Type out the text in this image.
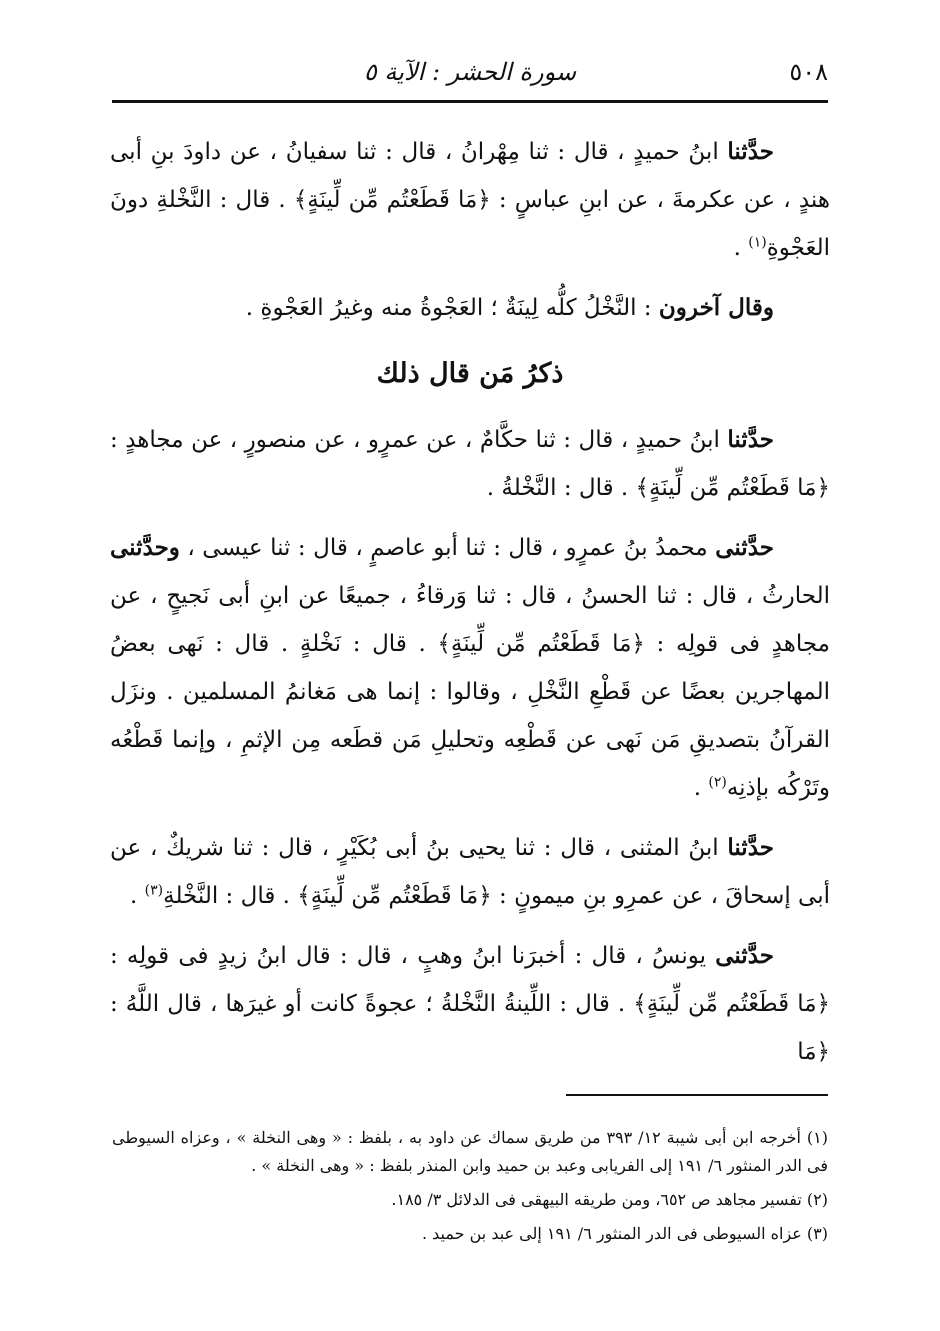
٥٠٨
سورة الحشر : الآية ٥

حدَّثنا ابنُ حميدٍ ، قال : ثنا مِهْرانُ ، قال : ثنا سفيانُ ، عن داودَ بنِ أبى هندٍ ، عن عكرمةَ ، عن ابنِ عباسٍ : ﴿مَا قَطَعْتُم مِّن لِّينَةٍ﴾ . قال : النَّخْلةِ دونَ العَجْوةِ$^{(١)}$ .

وقال آخرون : النَّخْلُ كلُّه لِينَةٌ ؛ العَجْوةُ منه وغيرُ العَجْوةِ .

ذكرُ مَن قال ذلك

حدَّثنا ابنُ حميدٍ ، قال : ثنا حكَّامٌ ، عن عمرٍو ، عن منصورٍ ، عن مجاهدٍ : ﴿مَا قَطَعْتُم مِّن لِّينَةٍ﴾ . قال : النَّخْلةُ .

حدَّثنى محمدُ بنُ عمرٍو ، قال : ثنا أبو عاصمٍ ، قال : ثنا عيسى ، وحدَّثنى الحارثُ ، قال : ثنا الحسنُ ، قال : ثنا وَرقاءُ ، جميعًا عن ابنِ أبى نَجيحٍ ، عن مجاهدٍ فى قولِه : ﴿مَا قَطَعْتُم مِّن لِّينَةٍ﴾ . قال : نَخْلةٍ . قال : نَهى بعضُ المهاجرين بعضًا عن قَطْعِ النَّخْلِ ، وقالوا : إنما هى مَغانمُ المسلمين . ونزَل القرآنُ بتصديقِ مَن نَهى عن قَطْعِه وتحليلِ مَن قطَعه مِن الإثمِ ، وإنما قَطْعُه وتَرْكُه بإذنِه$^{(٢)}$ .

حدَّثنا ابنُ المثنى ، قال : ثنا يحيى بنُ أبى بُكَيْرٍ ، قال : ثنا شريكٌ ، عن أبى إسحاقَ ، عن عمرِو بنِ ميمونٍ : ﴿مَا قَطَعْتُم مِّن لِّينَةٍ﴾ . قال : النَّخْلةِ$^{(٣)}$ .

حدَّثنى يونسُ ، قال : أخبرَنا ابنُ وهبٍ ، قال : قال ابنُ زيدٍ فى قولِه : ﴿مَا قَطَعْتُم مِّن لِّينَةٍ﴾ . قال : اللِّينةُ النَّخْلةُ ؛ عجوةً كانت أو غيرَها ، قال اللَّهُ : ﴿مَا

(١) أخرجه ابن أبى شيبة ١٢/ ٣٩٣ من طريق سماك عن داود به ، بلفظ : « وهى النخلة » ، وعزاه السيوطى فى الدر المنثور ٦/ ١٩١ إلى الفريابى وعبد بن حميد وابن المنذر بلفظ : « وهى النخلة » .
(٢) تفسير مجاهد ص ٦٥٢، ومن طريقه البيهقى فى الدلائل ٣/ ١٨٥.
(٣) عزاه السيوطى فى الدر المنثور ٦/ ١٩١ إلى عبد بن حميد .
